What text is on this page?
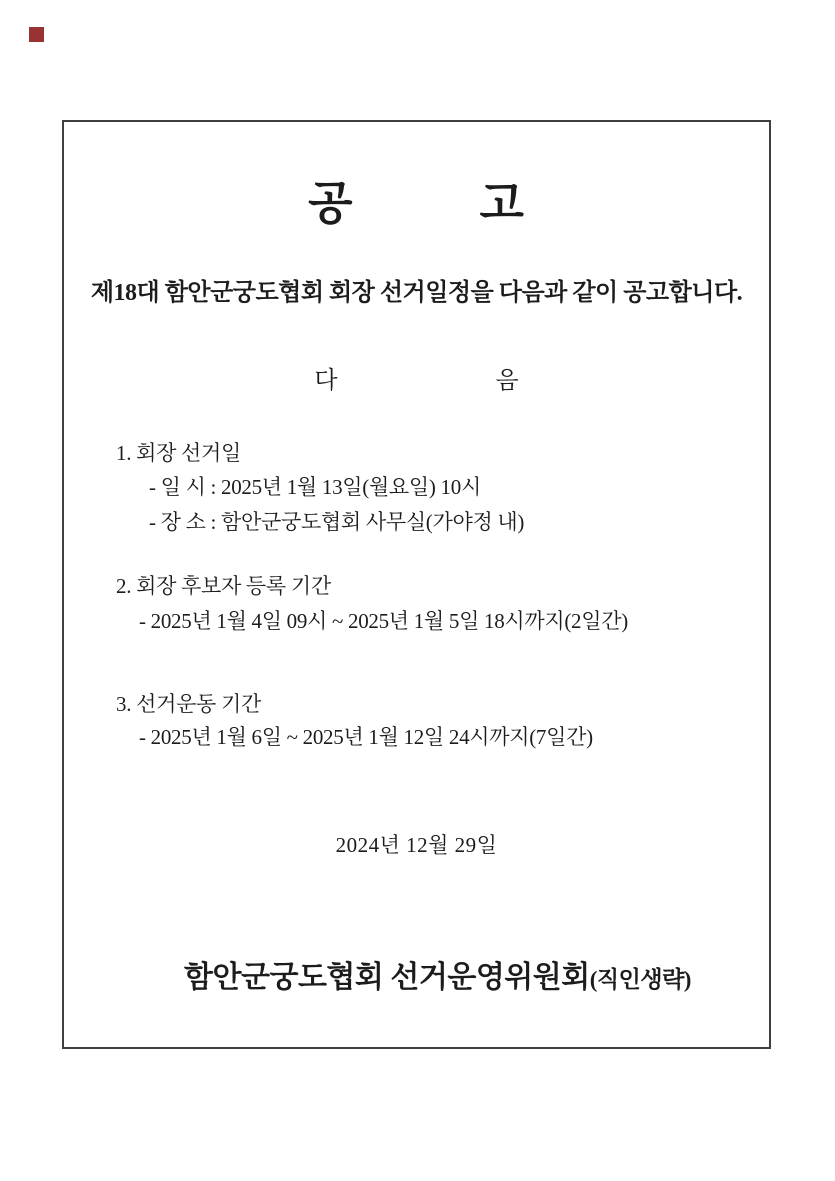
공	고
제18대 함안군궁도협회 회장 선거일정을 다음과 같이 공고합니다.
다	음
1. 회장 선거일
- 일 시 : 2025년 1월 13일(월요일) 10시
- 장 소 : 함안군궁도협회 사무실(가야정 내)
2. 회장 후보자 등록 기간
- 2025년 1월 4일 09시 ~ 2025년 1월 5일 18시까지(2일간)
3. 선거운동 기간
- 2025년 1월 6일 ~ 2025년 1월 12일 24시까지(7일간)
2024년 12월 29일

함안군궁도협회 선거운영위원회(직인생략)
